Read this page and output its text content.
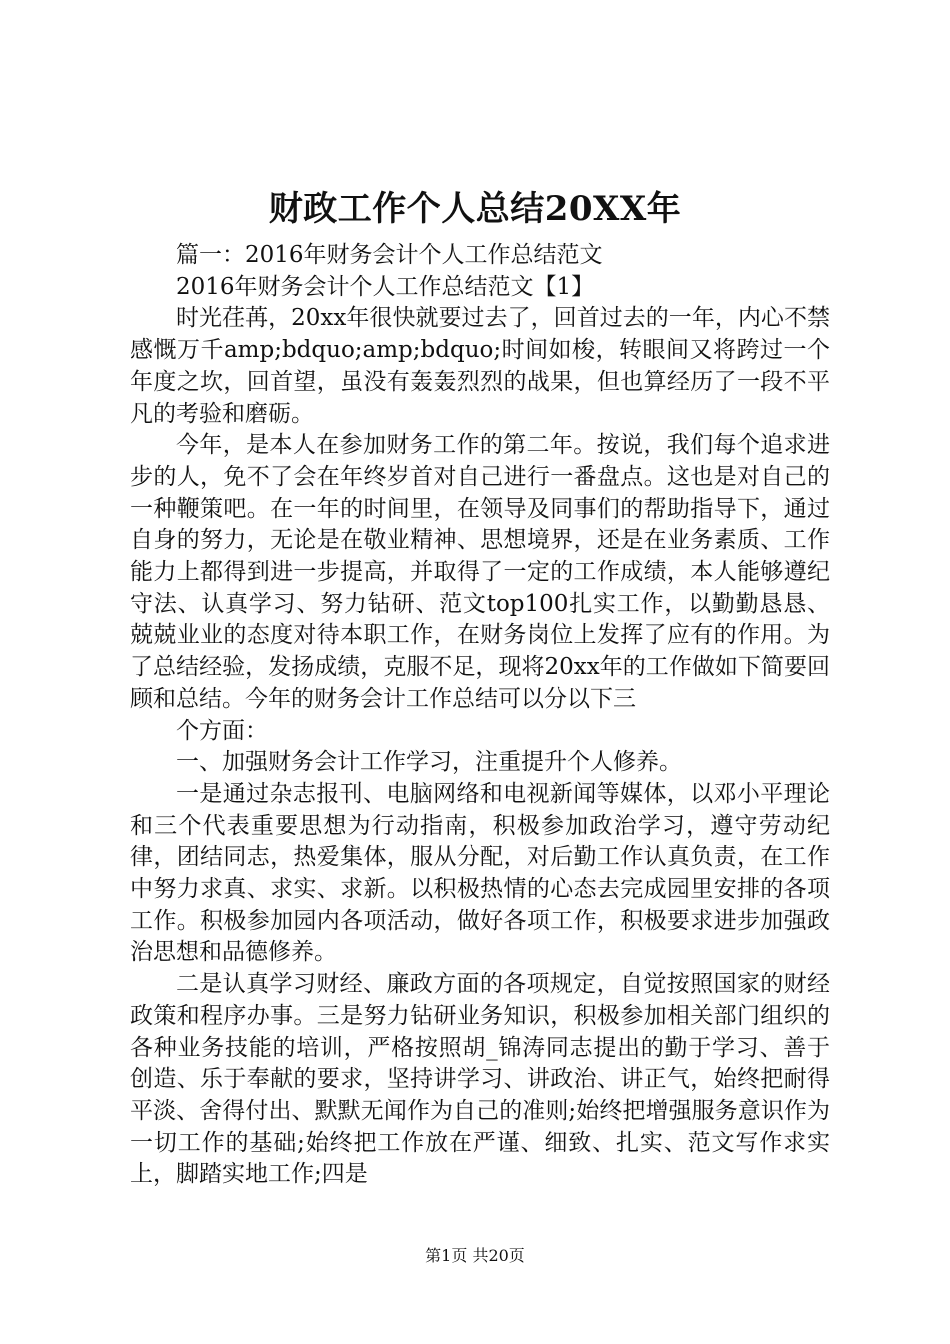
财政工作个人总结20XX年

篇一：2016年财务会计个人工作总结范文

2016年财务会计个人工作总结范文【1】

时光荏苒，20xx年很快就要过去了，回首过去的一年，内心不禁感慨万千amp;bdquo;amp;bdquo;时间如梭，转眼间又将跨过一个年度之坎，回首望，虽没有轰轰烈烈的战果，但也算经历了一段不平凡的考验和磨砺。

今年，是本人在参加财务工作的第二年。按说，我们每个追求进步的人，免不了会在年终岁首对自己进行一番盘点。这也是对自己的一种鞭策吧。在一年的时间里，在领导及同事们的帮助指导下，通过自身的努力，无论是在敬业精神、思想境界，还是在业务素质、工作能力上都得到进一步提高，并取得了一定的工作成绩，本人能够遵纪守法、认真学习、努力钻研、范文top100扎实工作，以勤勤恳恳、兢兢业业的态度对待本职工作，在财务岗位上发挥了应有的作用。为了总结经验，发扬成绩，克服不足，现将20xx年的工作做如下简要回顾和总结。今年的财务会计工作总结可以分以下三

个方面：

一、加强财务会计工作学习，注重提升个人修养。

一是通过杂志报刊、电脑网络和电视新闻等媒体，以邓小平理论和三个代表重要思想为行动指南，积极参加政治学习，遵守劳动纪律，团结同志，热爱集体，服从分配，对后勤工作认真负责，在工作中努力求真、求实、求新。以积极热情的心态去完成园里安排的各项工作。积极参加园内各项活动，做好各项工作，积极要求进步加强政治思想和品德修养。

二是认真学习财经、廉政方面的各项规定，自觉按照国家的财经政策和程序办事。三是努力钻研业务知识，积极参加相关部门组织的各种业务技能的培训，严格按照胡_锦涛同志提出的勤于学习、善于创造、乐于奉献的要求，坚持讲学习、讲政治、讲正气，始终把耐得平淡、舍得付出、默默无闻作为自己的准则;始终把增强服务意识作为一切工作的基础;始终把工作放在严谨、细致、扎实、范文写作求实上，脚踏实地工作;四是

第1页 共20页
